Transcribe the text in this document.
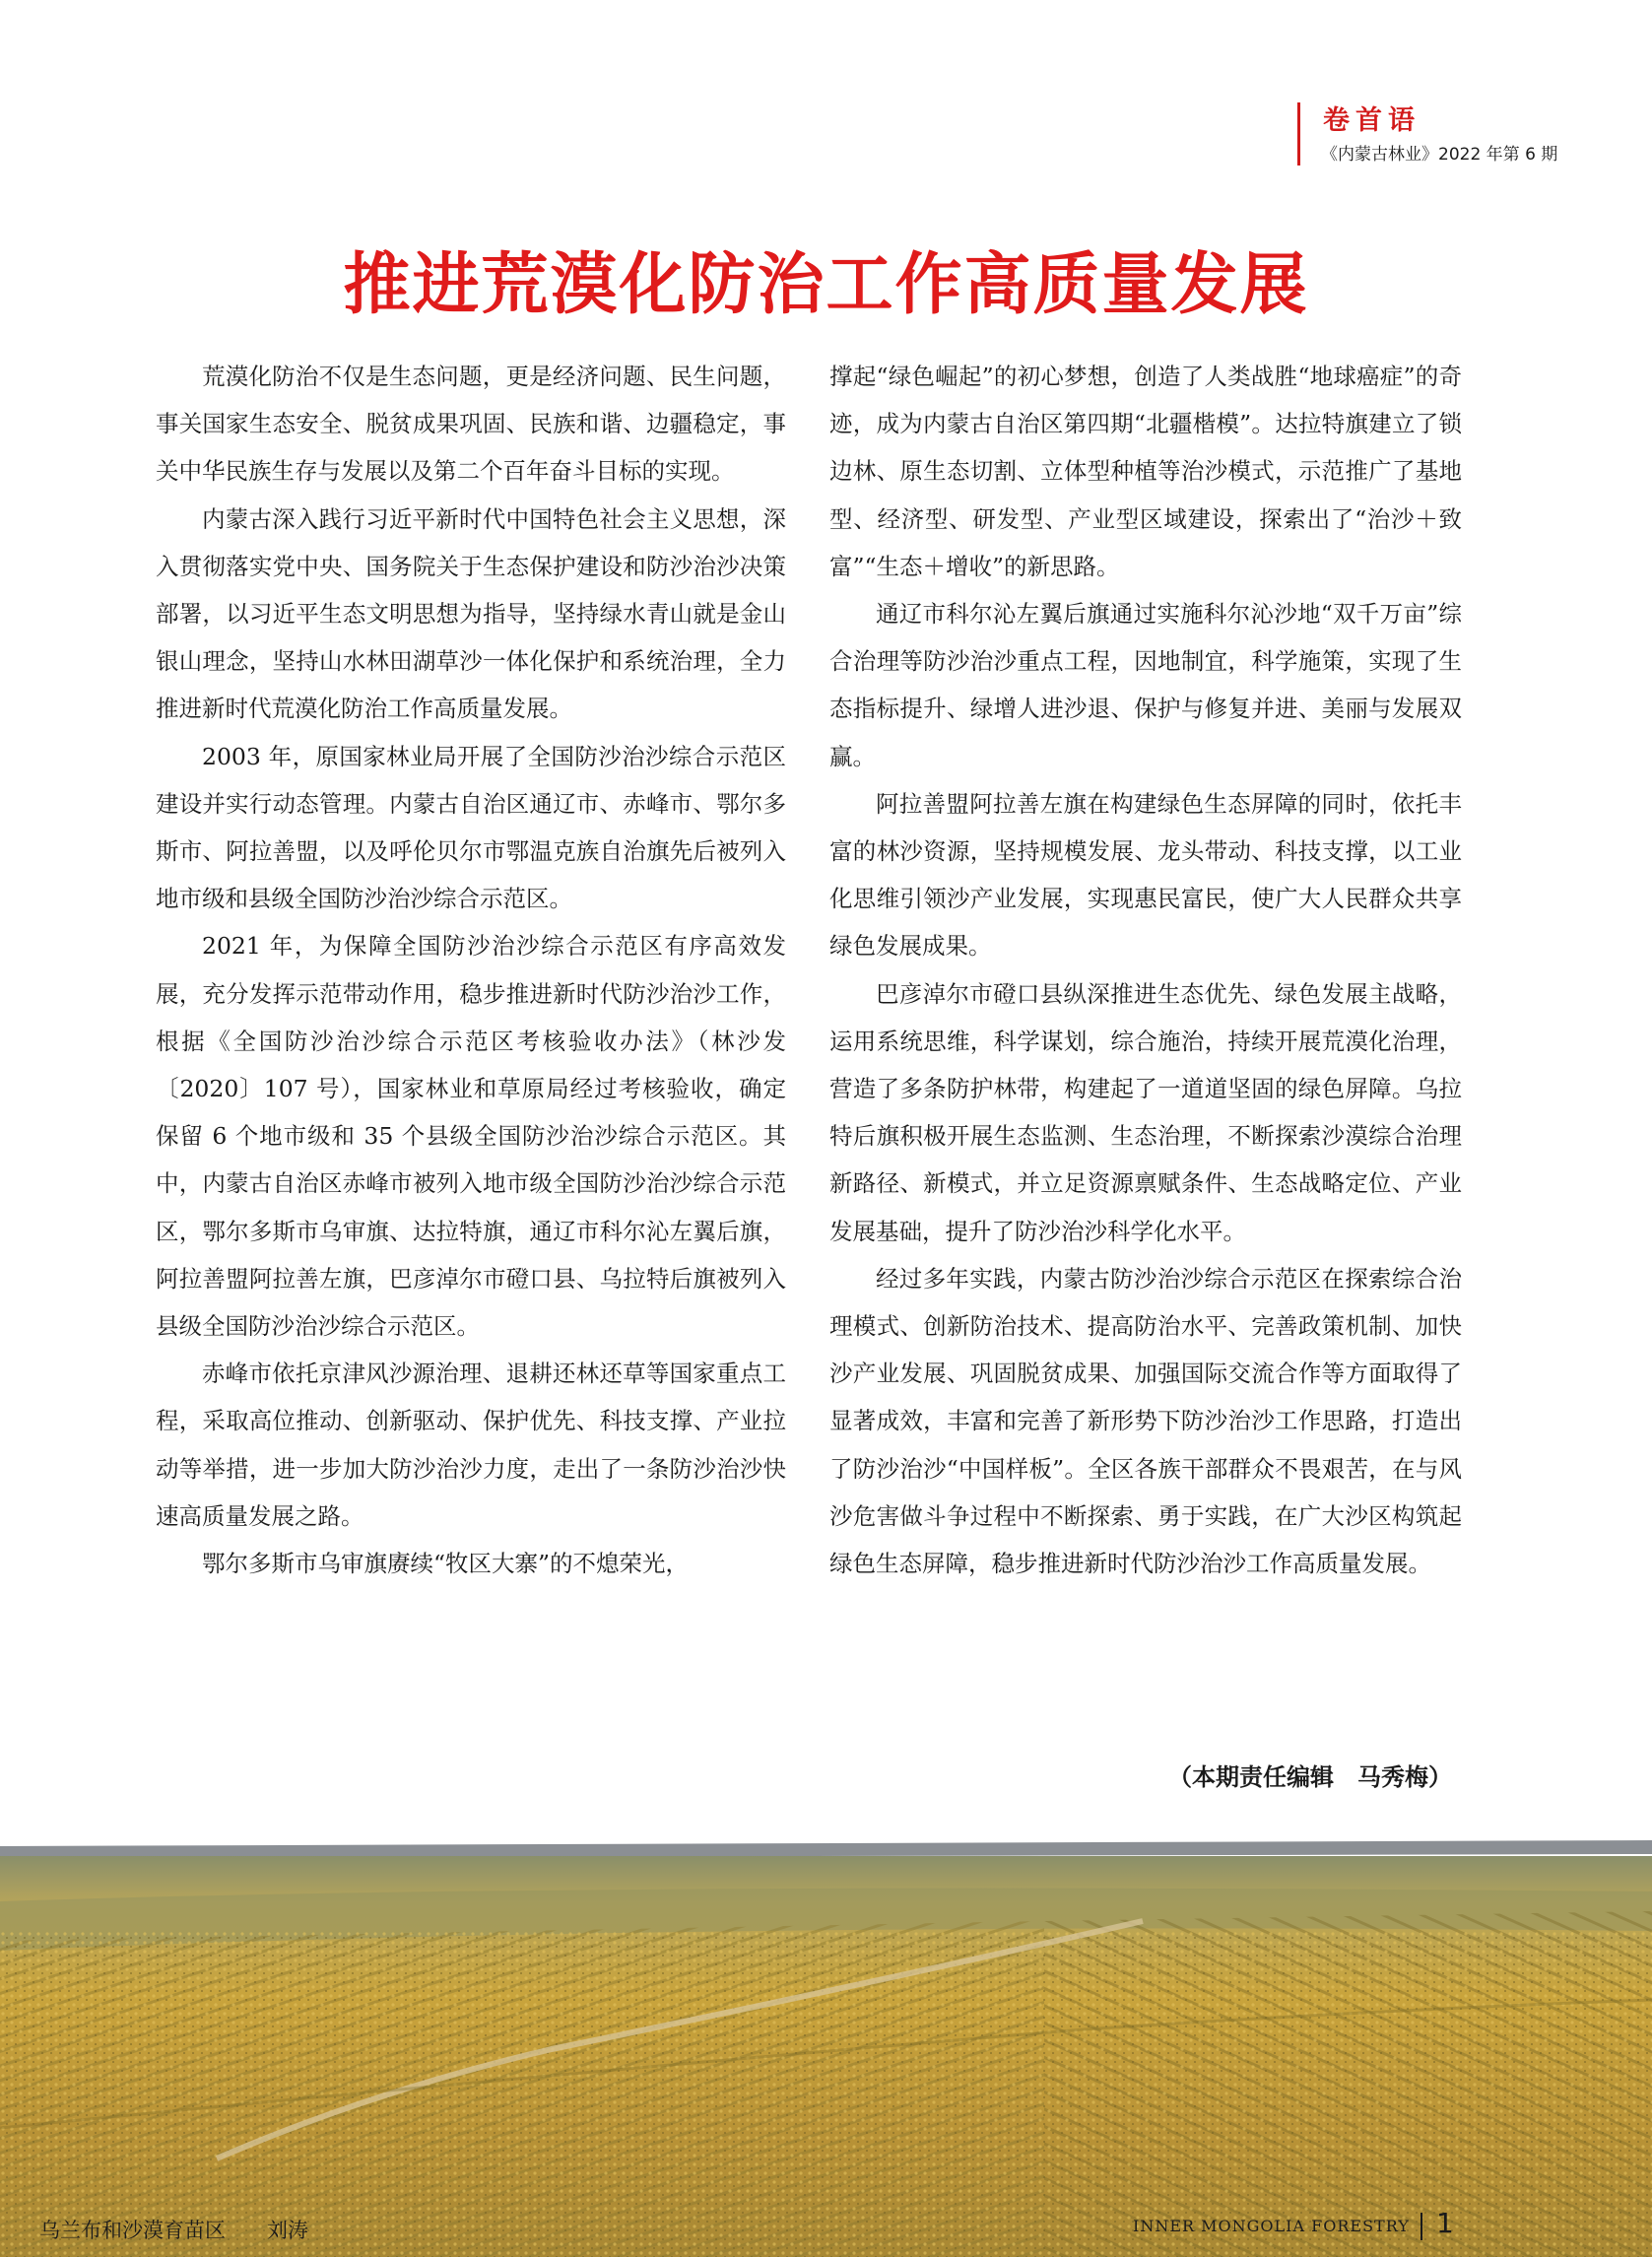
卷首语
《内蒙古林业》2022 年第 6 期
推进荒漠化防治工作高质量发展

荒漠化防治不仅是生态问题，更是经济问题、民生问题，事关国家生态安全、脱贫成果巩固、民族和谐、边疆稳定，事关中华民族生存与发展以及第二个百年奋斗目标的实现。

内蒙古深入践行习近平新时代中国特色社会主义思想，深入贯彻落实党中央、国务院关于生态保护建设和防沙治沙决策部署，以习近平生态文明思想为指导，坚持绿水青山就是金山银山理念，坚持山水林田湖草沙一体化保护和系统治理，全力推进新时代荒漠化防治工作高质量发展。

2003 年，原国家林业局开展了全国防沙治沙综合示范区建设并实行动态管理。内蒙古自治区通辽市、赤峰市、鄂尔多斯市、阿拉善盟，以及呼伦贝尔市鄂温克族自治旗先后被列入地市级和县级全国防沙治沙综合示范区。

2021 年，为保障全国防沙治沙综合示范区有序高效发展，充分发挥示范带动作用，稳步推进新时代防沙治沙工作，根据《全国防沙治沙综合示范区考核验收办法》（林沙发〔2020〕107 号），国家林业和草原局经过考核验收，确定保留 6 个地市级和 35 个县级全国防沙治沙综合示范区。其中，内蒙古自治区赤峰市被列入地市级全国防沙治沙综合示范区，鄂尔多斯市乌审旗、达拉特旗，通辽市科尔沁左翼后旗，阿拉善盟阿拉善左旗，巴彦淖尔市磴口县、乌拉特后旗被列入县级全国防沙治沙综合示范区。

赤峰市依托京津风沙源治理、退耕还林还草等国家重点工程，采取高位推动、创新驱动、保护优先、科技支撑、产业拉动等举措，进一步加大防沙治沙力度，走出了一条防沙治沙快速高质量发展之路。

鄂尔多斯市乌审旗赓续“牧区大寨”的不熄荣光，

撑起“绿色崛起”的初心梦想，创造了人类战胜“地球癌症”的奇迹，成为内蒙古自治区第四期“北疆楷模”。达拉特旗建立了锁边林、原生态切割、立体型种植等治沙模式，示范推广了基地型、经济型、研发型、产业型区域建设，探索出了“治沙＋致富”“生态＋增收”的新思路。

通辽市科尔沁左翼后旗通过实施科尔沁沙地“双千万亩”综合治理等防沙治沙重点工程，因地制宜，科学施策，实现了生态指标提升、绿增人进沙退、保护与修复并进、美丽与发展双赢。

阿拉善盟阿拉善左旗在构建绿色生态屏障的同时，依托丰富的林沙资源，坚持规模发展、龙头带动、科技支撑，以工业化思维引领沙产业发展，实现惠民富民，使广大人民群众共享绿色发展成果。

巴彦淖尔市磴口县纵深推进生态优先、绿色发展主战略，运用系统思维，科学谋划，综合施治，持续开展荒漠化治理，营造了多条防护林带，构建起了一道道坚固的绿色屏障。乌拉特后旗积极开展生态监测、生态治理，不断探索沙漠综合治理新路径、新模式，并立足资源禀赋条件、生态战略定位、产业发展基础，提升了防沙治沙科学化水平。

经过多年实践，内蒙古防沙治沙综合示范区在探索综合治理模式、创新防治技术、提高防治水平、完善政策机制、加快沙产业发展、巩固脱贫成果、加强国际交流合作等方面取得了显著成效，丰富和完善了新形势下防沙治沙工作思路，打造出了防沙治沙“中国样板”。全区各族干部群众不畏艰苦，在与风沙危害做斗争过程中不断探索、勇于实践，在广大沙区构筑起绿色生态屏障，稳步推进新时代防沙治沙工作高质量发展。

（本期责任编辑　马秀梅）
乌兰布和沙漠育苗区　　刘涛	INNER MONGOLIA FORESTRY 1
